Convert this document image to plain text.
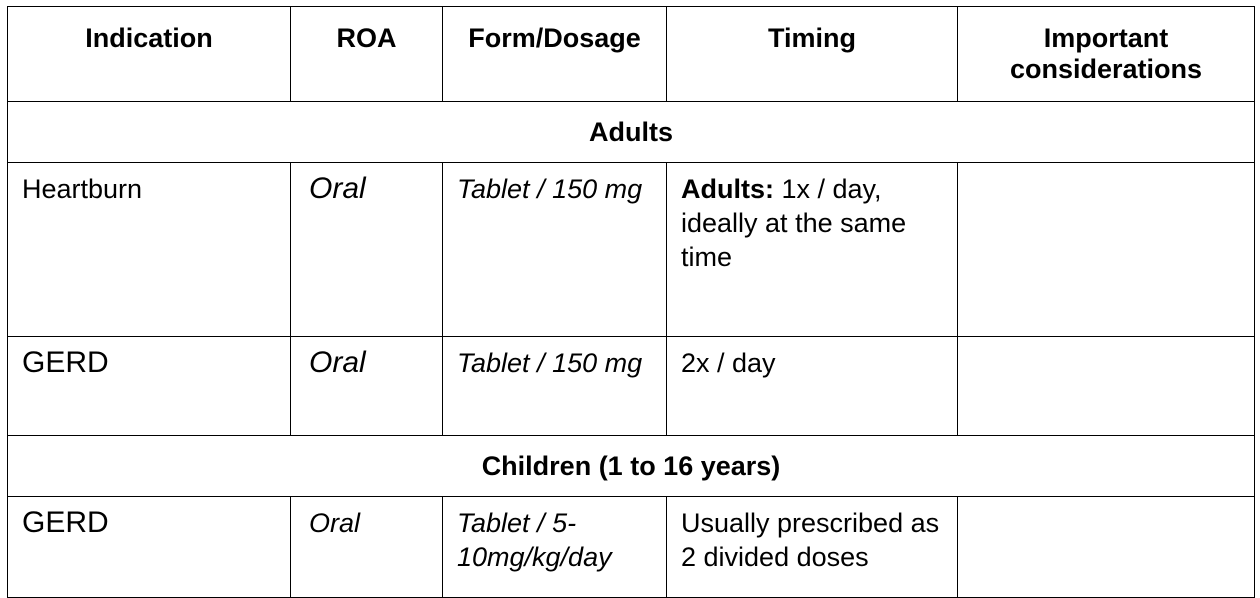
Indication	ROA	Form/Dosage	Timing	Important
considerations

Adults				
Heartburn	Oral	Tablet / 150 mg	Adults: 1x / day, ideally at the same time	
GERD	Oral	Tablet / 150 mg	2x / day	
Children (1 to 16 years)				
GERD	Oral	Tablet / 5-10mg/kg/day	Usually prescribed as 2 divided doses	
